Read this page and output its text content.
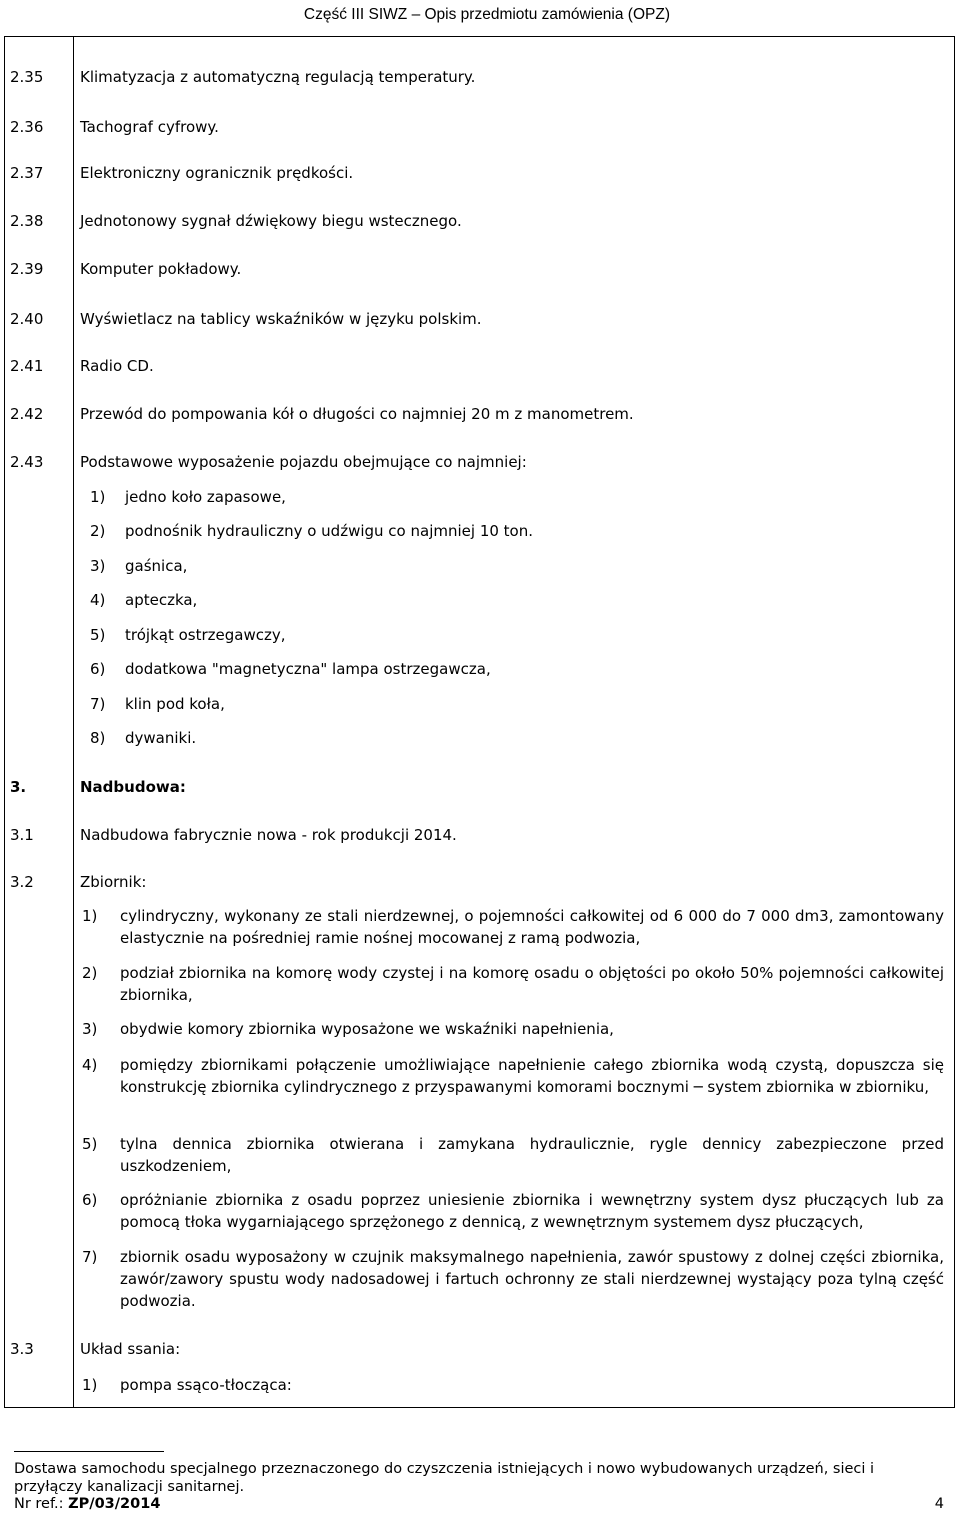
Część III SIWZ – Opis przedmiotu zamówienia (OPZ)
2.35 Klimatyzacja z automatyczną regulacją temperatury.
2.36 Tachograf cyfrowy.
2.37 Elektroniczny ogranicznik prędkości.
2.38 Jednotonowy sygnał dźwiękowy biegu wstecznego.
2.39 Komputer pokładowy.
2.40 Wyświetlacz na tablicy wskaźników w języku polskim.
2.41 Radio CD.
2.42 Przewód do pompowania kół o długości co najmniej 20 m z manometrem.
2.43 Podstawowe wyposażenie pojazdu obejmujące co najmniej:
1) jedno koło zapasowe,
2) podnośnik hydrauliczny o udźwigu co najmniej 10 ton.
3) gaśnica,
4) apteczka,
5) trójkąt ostrzegawczy,
6) dodatkowa "magnetyczna" lampa ostrzegawcza,
7) klin pod koła,
8) dywaniki.
3.	Nadbudowa:
3.1	Nadbudowa fabrycznie nowa - rok produkcji 2014.
3.2	Zbiornik:
1) cylindryczny, wykonany ze stali nierdzewnej, o pojemności całkowitej od 6 000 do 7 000 dm3, zamontowany elastycznie na pośredniej ramie nośnej mocowanej z ramą podwozia,
2) podział zbiornika na komorę wody czystej i na komorę osadu o objętości po około 50% pojemności całkowitej zbiornika,
3) obydwie komory zbiornika wyposażone we wskaźniki napełnienia,
4) pomiędzy zbiornikami połączenie umożliwiające napełnienie całego zbiornika wodą czystą, dopuszcza się konstrukcję zbiornika cylindrycznego z przyspawanymi komorami bocznymi ─ system zbiornika w zbiorniku,
5) tylna dennica zbiornika otwierana i zamykana hydraulicznie, rygle dennicy zabezpieczone przed uszkodzeniem,
6) opróżnianie zbiornika z osadu poprzez uniesienie zbiornika i wewnętrzny system dysz płuczących lub za pomocą tłoka wygarniającego sprzężonego z dennicą, z wewnętrznym systemem dysz płuczących,
7) zbiornik osadu wyposażony w czujnik maksymalnego napełnienia, zawór spustowy z dolnej części zbiornika, zawór/zawory spustu wody nadosadowej i fartuch ochronny ze stali nierdzewnej wystający poza tylną część podwozia.
3.3	Układ ssania:
1) pompa ssąco-tłocząca:
Dostawa samochodu specjalnego przeznaczonego do czyszczenia istniejących i nowo wybudowanych urządzeń, sieci i
przyłączy kanalizacji sanitarnej.
Nr ref.: ZP/03/2014	4
